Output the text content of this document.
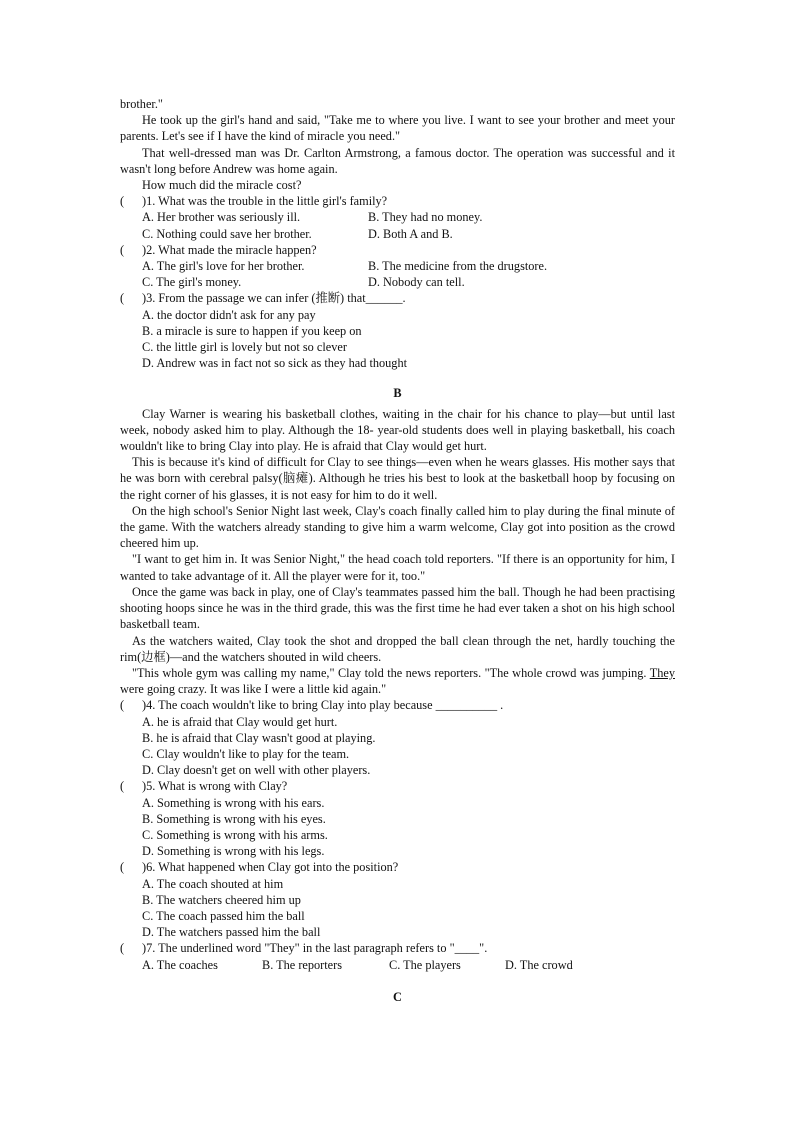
brother."
He took up the girl's hand and said, "Take me to where you live. I want to see your brother and meet your parents. Let's see if I have the kind of miracle you need."
That well-dressed man was Dr. Carlton Armstrong, a famous doctor. The operation was successful and it wasn't long before Andrew was home again.
How much did the miracle cost?
( )1. What was the trouble in the little girl's family?
A. Her brother was seriously ill.	B. They had no money.
C. Nothing could save her brother.	D. Both A and B.
( )2. What made the miracle happen?
A. The girl's love for her brother.	B. The medicine from the drugstore.
C. The girl's money.	D. Nobody can tell.
( )3. From the passage we can infer (推断) that______.
A. the doctor didn't ask for any pay
B. a miracle is sure to happen if you keep on
C. the little girl is lovely but not so clever
D. Andrew was in fact not so sick as they had thought
B
Clay Warner is wearing his basketball clothes, waiting in the chair for his chance to play—but until last week, nobody asked him to play. Although the 18- year-old students does well in playing basketball, his coach wouldn't like to bring Clay into play. He is afraid that Clay would get hurt.
This is because it's kind of difficult for Clay to see things—even when he wears glasses. His mother says that he was born with cerebral palsy(脑瘫). Although he tries his best to look at the basketball hoop by focusing on the right corner of his glasses, it is not easy for him to do it well.
On the high school's Senior Night last week, Clay's coach finally called him to play during the final minute of the game. With the watchers already standing to give him a warm welcome, Clay got into position as the crowd cheered him up.
"I want to get him in. It was Senior Night," the head coach told reporters. "If there is an opportunity for him, I wanted to take advantage of it. All the player were for it, too."
Once the game was back in play, one of Clay's teammates passed him the ball. Though he had been practising shooting hoops since he was in the third grade, this was the first time he had ever taken a shot on his high school basketball team.
As the watchers waited, Clay took the shot and dropped the ball clean through the net, hardly touching the rim(边框)—and the watchers shouted in wild cheers.
"This whole gym was calling my name," Clay told the news reporters. "The whole crowd was jumping. They were going crazy. It was like I were a little kid again."
( )4. The coach wouldn't like to bring Clay into play because __________ .
A. he is afraid that Clay would get hurt.
B. he is afraid that Clay wasn't good at playing.
C. Clay wouldn't like to play for the team.
D. Clay doesn't get on well with other players.
( )5. What is wrong with Clay?
A. Something is wrong with his ears.
B. Something is wrong with his eyes.
C. Something is wrong with his arms.
D. Something is wrong with his legs.
( )6. What happened when Clay got into the position?
A. The coach shouted at him
B. The watchers cheered him up
C. The coach passed him the ball
D. The watchers passed him the ball
( )7. The underlined word "They" in the last paragraph refers to "____".
A. The coaches	B. The reporters	C. The players	D. The crowd
C
